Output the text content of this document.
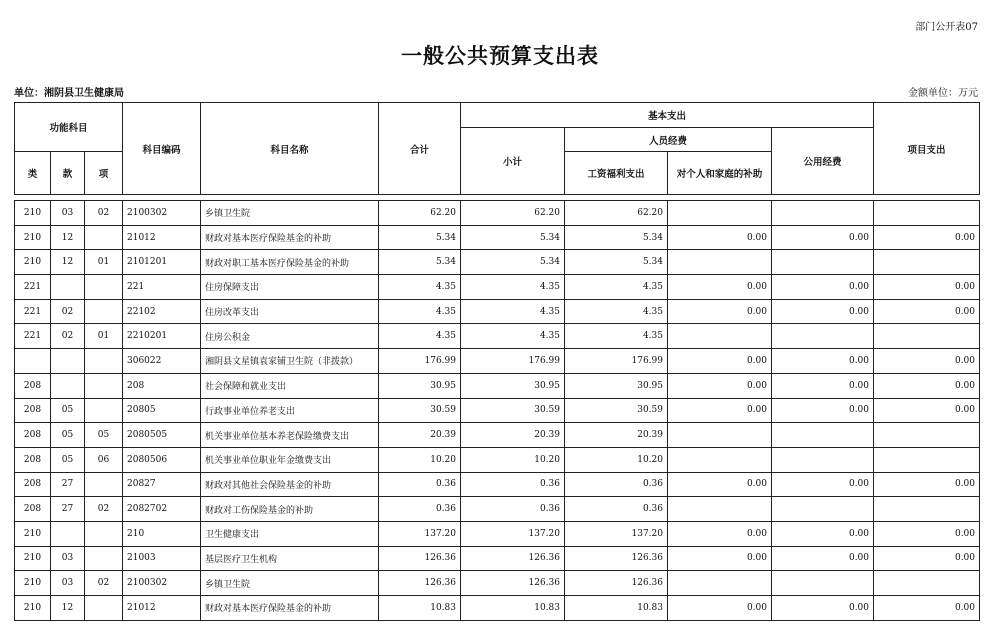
部门公开表07
一般公共预算支出表
单位：湘阴县卫生健康局	金额单位：万元
功能科目			科目编码	科目名称	合计	基本支出				项目支出
						小计	人员经费		公用经费	
类	款	项					工资福利支出	对个人和家庭的补助		

210	03	02	2100302	乡镇卫生院	62.20	62.20	62.20			
210	12		21012	财政对基本医疗保险基金的补助	5.34	5.34	5.34	0.00	0.00	0.00
210	12	01	2101201	财政对职工基本医疗保险基金的补助	5.34	5.34	5.34			
221			221	住房保障支出	4.35	4.35	4.35	0.00	0.00	0.00
221	02		22102	住房改革支出	4.35	4.35	4.35	0.00	0.00	0.00
221	02	01	2210201	住房公积金	4.35	4.35	4.35			
			306022	湘阴县文星镇袁家铺卫生院（非拨款）	176.99	176.99	176.99	0.00	0.00	0.00
208			208	社会保障和就业支出	30.95	30.95	30.95	0.00	0.00	0.00
208	05		20805	行政事业单位养老支出	30.59	30.59	30.59	0.00	0.00	0.00
208	05	05	2080505	机关事业单位基本养老保险缴费支出	20.39	20.39	20.39			
208	05	06	2080506	机关事业单位职业年金缴费支出	10.20	10.20	10.20			
208	27		20827	财政对其他社会保险基金的补助	0.36	0.36	0.36	0.00	0.00	0.00
208	27	02	2082702	财政对工伤保险基金的补助	0.36	0.36	0.36			
210			210	卫生健康支出	137.20	137.20	137.20	0.00	0.00	0.00
210	03		21003	基层医疗卫生机构	126.36	126.36	126.36	0.00	0.00	0.00
210	03	02	2100302	乡镇卫生院	126.36	126.36	126.36			
210	12		21012	财政对基本医疗保险基金的补助	10.83	10.83	10.83	0.00	0.00	0.00
